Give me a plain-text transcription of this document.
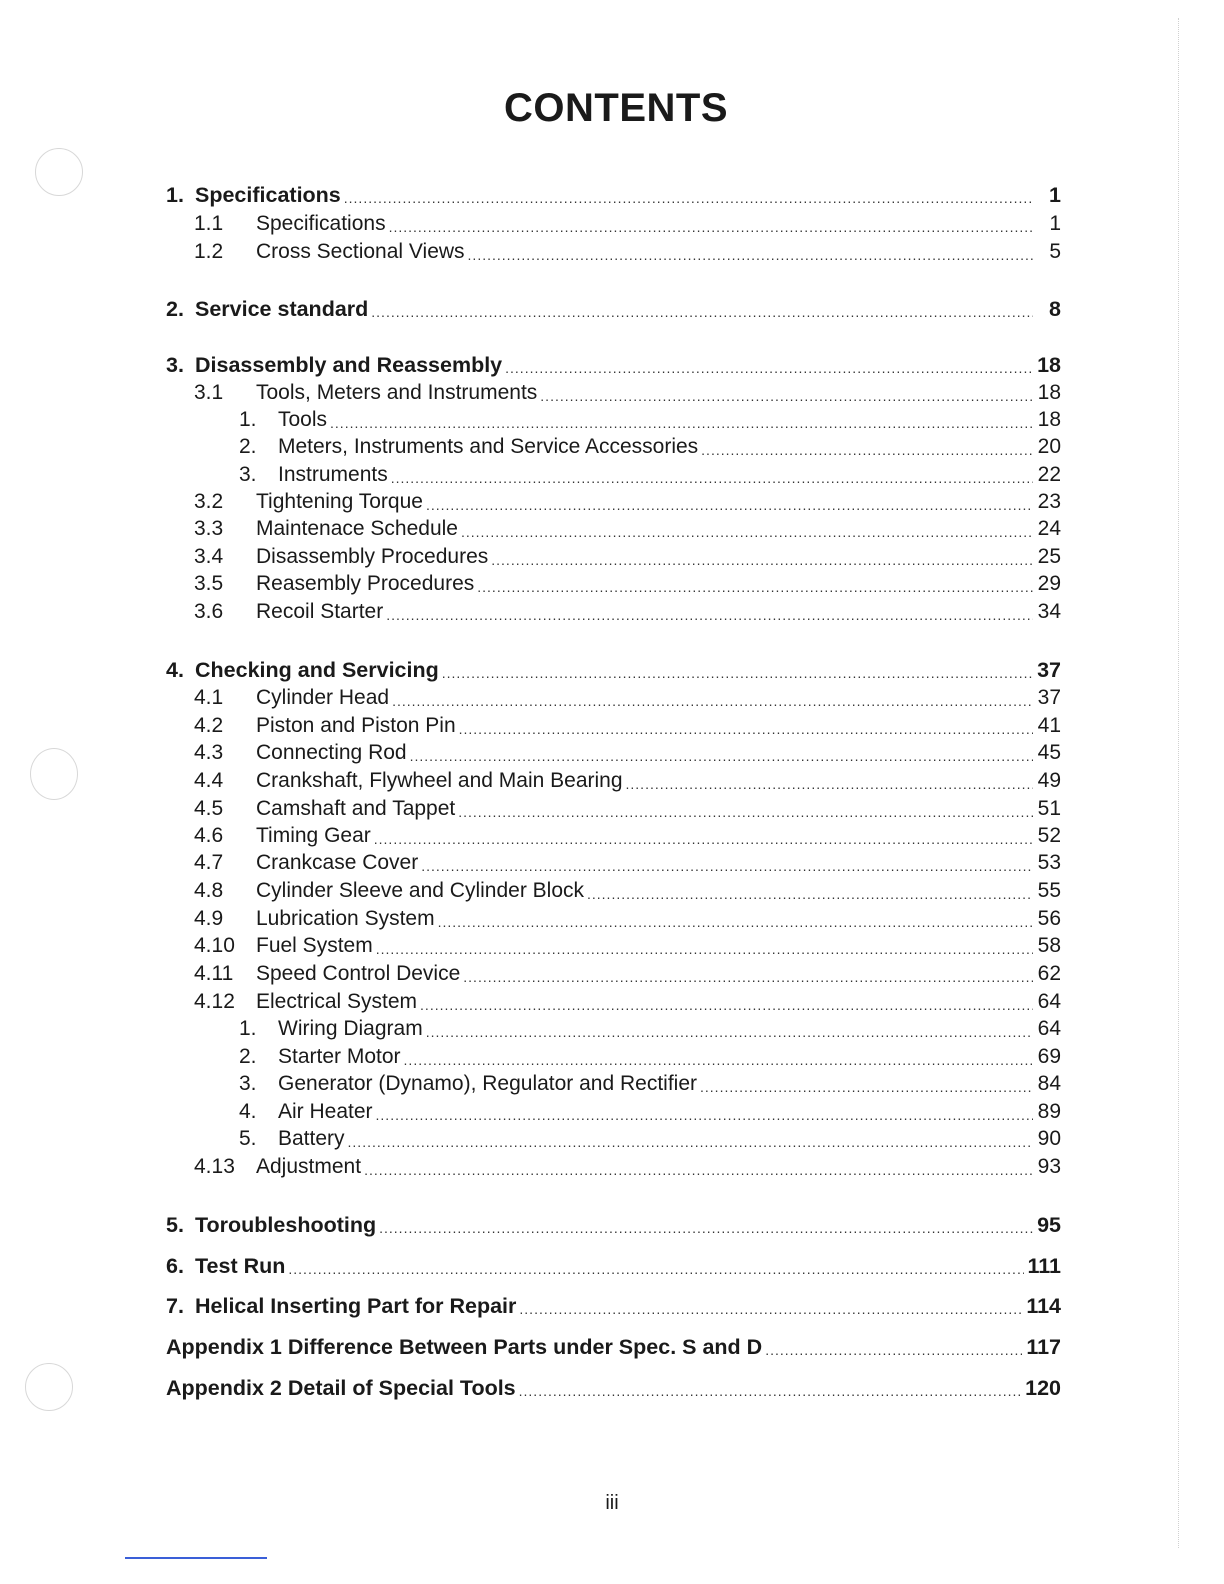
CONTENTS
1. Specifications .....	1
1.1	Specifications .....	1
1.2	Cross Sectional Views .....	5
2. Service standard .....	8
3. Disassembly and Reassembly .....	18
3.1	Tools, Meters and Instruments .....	18
1.	Tools .....	18
2.	Meters, Instruments and Service Accessories .....	20
3.	Instruments .....	22
3.2	Tightening Torque .....	23
3.3	Maintenace Schedule .....	24
3.4	Disassembly Procedures .....	25
3.5	Reasembly Procedures .....	29
3.6	Recoil Starter .....	34
4. Checking and Servicing .....	37
4.1	Cylinder Head .....	37
4.2	Piston and Piston Pin .....	41
4.3	Connecting Rod .....	45
4.4	Crankshaft, Flywheel and Main Bearing .....	49
4.5	Camshaft and Tappet .....	51
4.6	Timing Gear .....	52
4.7	Crankcase Cover .....	53
4.8	Cylinder Sleeve and Cylinder Block .....	55
4.9	Lubrication System .....	56
4.10	Fuel System .....	58
4.11	Speed Control Device .....	62
4.12	Electrical System .....	64
1.	Wiring Diagram .....	64
2.	Starter Motor .....	69
3.	Generator (Dynamo), Regulator and Rectifier .....	84
4.	Air Heater .....	89
5.	Battery .....	90
4.13	Adjustment .....	93
5. Toroubleshooting .....	95
6. Test Run .....	111
7. Helical Inserting Part for Repair .....	114
Appendix 1 Difference Between Parts under Spec. S and D .....	117
Appendix 2 Detail of Special Tools .....	120
iii
